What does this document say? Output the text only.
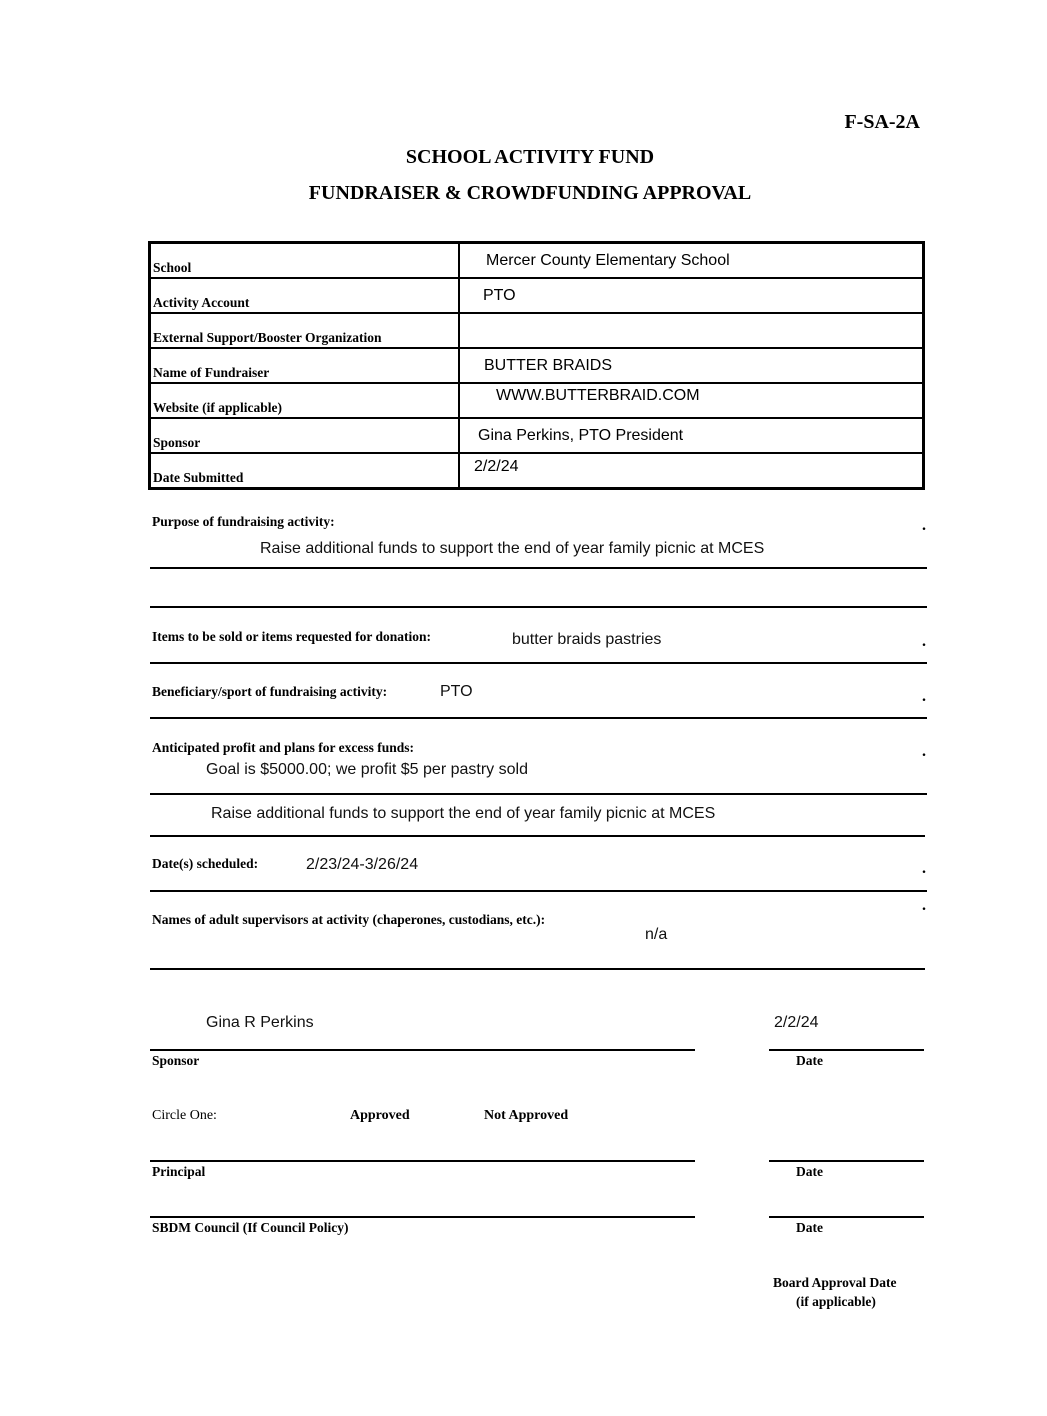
F-SA-2A
SCHOOL ACTIVITY FUND
FUNDRAISER & CROWDFUNDING APPROVAL
School	Mercer County Elementary School
Activity Account	PTO
External Support/Booster Organization	
Name of Fundraiser	BUTTER BRAIDS
Website (if applicable)	WWW.BUTTERBRAID.COM
Sponsor	Gina Perkins, PTO President
Date Submitted	2/2/24
Purpose of fundraising activity:	.
Raise additional funds to support the end of year family picnic at MCES
Items to be sold or items requested for donation:	butter braids pastries	.
Beneficiary/sport of fundraising activity:	PTO	.
Anticipated profit and plans for excess funds:	.
Goal is $5000.00; we profit $5 per pastry sold
Raise additional funds to support the end of year family picnic at MCES
Date(s) scheduled:	2/23/24-3/26/24	.
.
Names of adult supervisors at activity (chaperones, custodians, etc.):
n/a
Gina R Perkins	2/2/24
Sponsor	Date
Circle One:	Approved	Not Approved
Principal	Date
SBDM Council (If Council Policy)	Date
Board Approval Date
(if applicable)
